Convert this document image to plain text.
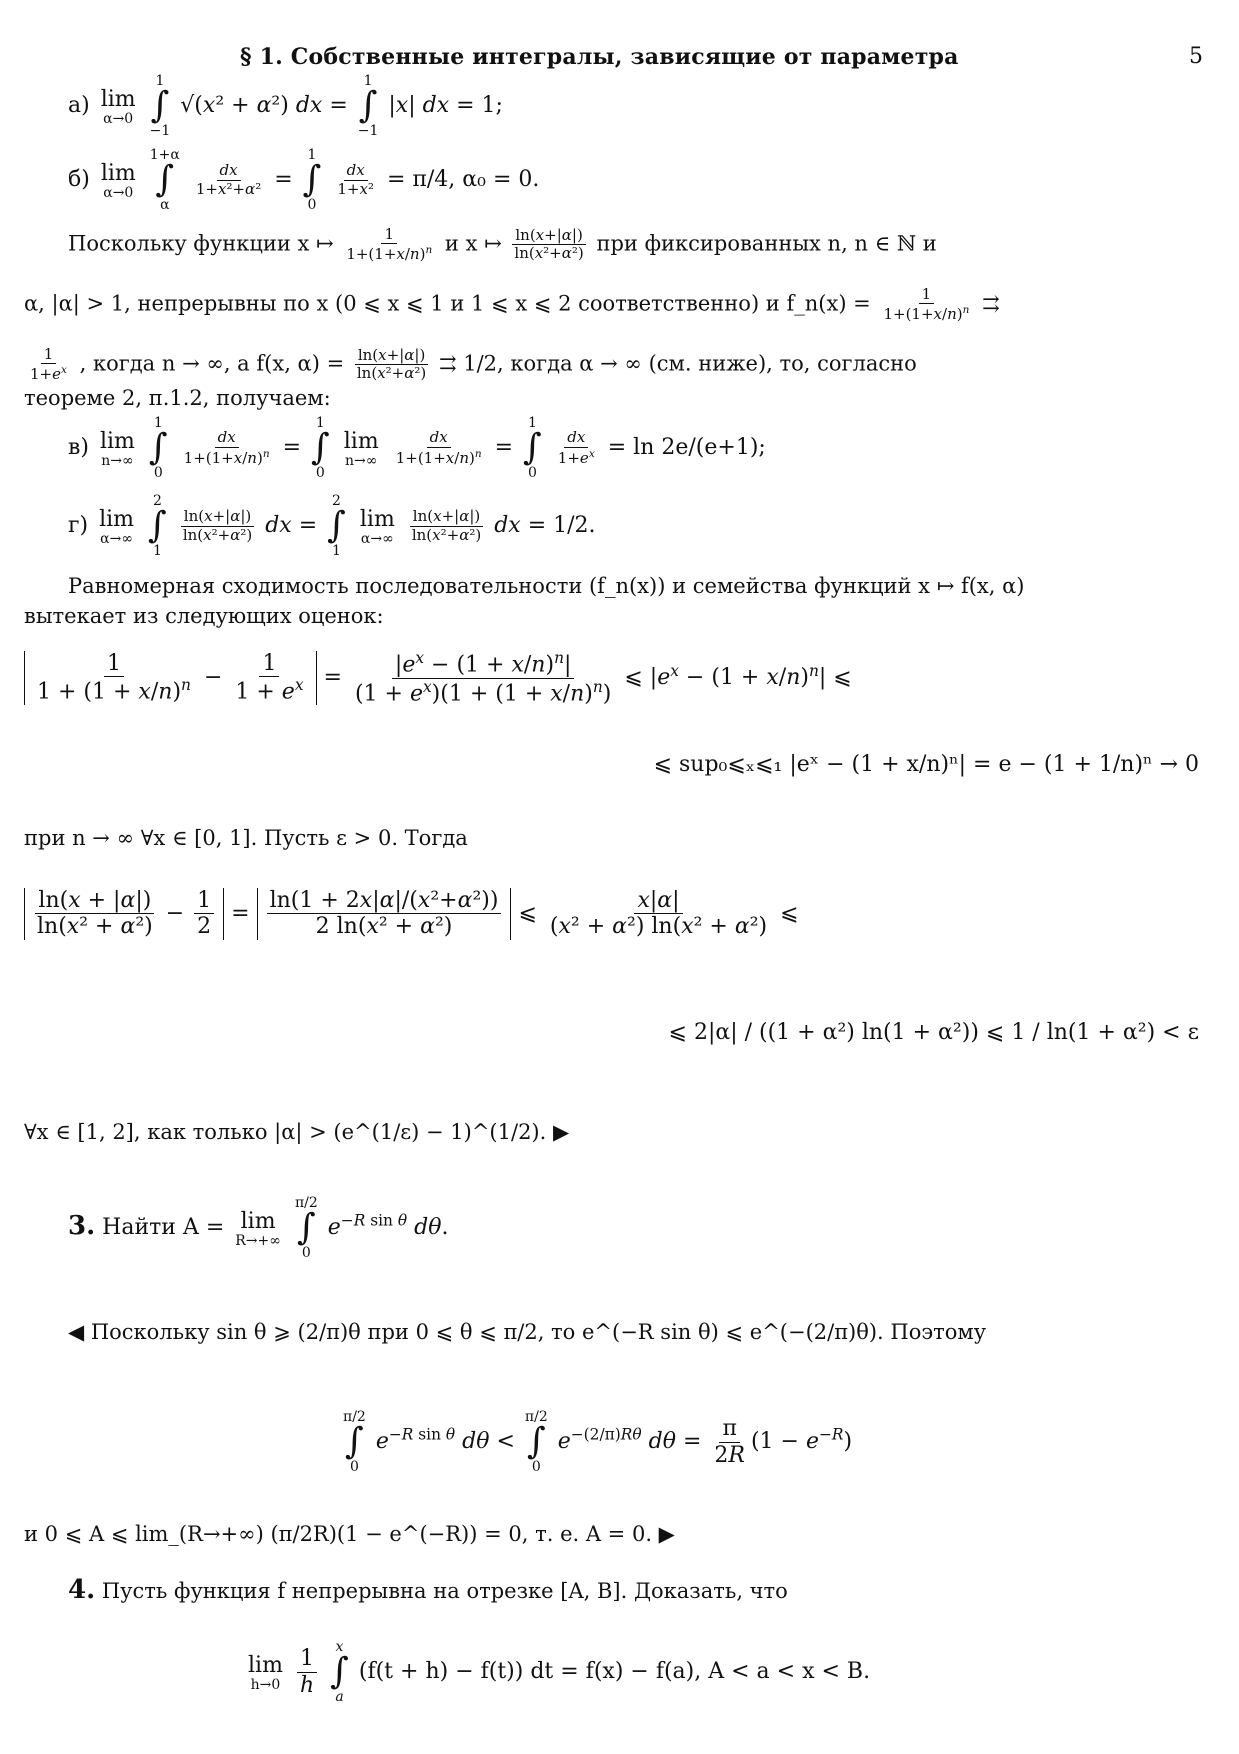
§ 1. Собственные интегралы, зависящие от параметра	5
а) lim
α→0

1
∫
−1
√(x² + α²) dx =
1
∫
−1
|x| dx = 1;
б) lim
α→0

1+α
∫
α

$\frac{dx}{\text{1+x²+α²}}$ =
1
∫
0

$\frac{dx}{\text{1+x²}} = \pi/4$, α₀ = 0.
Поскольку функции x ↦ $\frac{1}{1+(1+x/n)^n}$ и x ↦ $\frac{\ln(x+|\alpha|)}{\text{ln(x²+α²)}}$ при фиксированных n, n ∈ ℕ и
α, |α| > 1, непрерывны по x (0 ⩽ x ⩽ 1 и 1 ⩽ x ⩽ 2 соответственно) и f_n(x) = $\frac{1}{1+(1+x/n)^n}$ ⇉
$\frac{1}{1+e^x}$ , когда n → ∞, а f(x, $\alpha) = \frac{\ln(x+|\alpha|)}{\text{ln(x²+α²)}}$ ⇉ 1/2, когда α → ∞ (см. ниже), то, согласно
теореме 2, п.1.2, получаем:
в) lim
n→∞

1
∫
0

$\frac{dx}{1+(1+x/n)^n}$ =
1
∫
0

lim
n→∞
$\frac{dx}{1+(1+x/n)^n}$ =
1
∫
0

$\frac{dx}{1+e^x} = \ln 2e/(e+1)$;
г) lim
α→∞

2
∫
1

$\frac{\ln(x+|\alpha|)}{\text{ln(x²+α²)}}$ dx =
2
∫
1

lim
α→∞
$\frac{\ln(x+|\alpha|)}{\text{ln(x²+α²)}}$ dx = 1/2.
Равномерная сходимость последовательности (f_n(x)) и семейства функций x ↦ f(x, α)
вытекает из следующих оценок:
$\frac{1}{1 + (1 + x/n)^n} - \frac{1}{1 + e^x} = \frac{|e^x - (1 + x/n)^n|}{(1 + e^x)(1 + (1 + x/n)^n)}$ ⩽ $|e^x - (1 + x/n)^n|$ ⩽
⩽ sup₀⩽ₓ⩽₁ |eˣ − (1 + x/n)ⁿ| = e − (1 + 1/n)ⁿ → 0
при n → ∞ ∀x ∈ [0, 1]. Пусть ε > 0. Тогда
$\frac{\ln(x + |\alpha|)}{\text{ln(x² + α²)}} - \frac{1}{2} = \frac{\text{ln(1 + 2x|α|/(x²+α²))}}{\text{2 ln(x² + α²)}}$ ⩽ $\frac{x|\alpha|}{\text{(x² + α²) ln(x² + α²)}}$ ⩽
⩽ 2|α| / ((1 + α²) ln(1 + α²)) ⩽ 1 / ln(1 + α²) < ε
∀x ∈ [1, 2], как только |α| > (e^(1/ε) − 1)^(1/2). ▶
3. Найти A = lim
R→+∞

π/2
∫
0
$e^{-R sin \theta}$ dθ.
◀ Поскольку sin θ ⩾ (2/π)θ при 0 ⩽ θ ⩽ π/2, то e^(−R sin θ) ⩽ e^(−(2/π)θ). Поэтому
π/2
∫
0
$e^{-R sin \theta}$ dθ <
π/2
∫
0
$e^{-(2/\pi)R\theta}$ $d\theta = \frac{\pi}{2R} (1 - e^{-R})$
и 0 ⩽ A ⩽ lim_(R→+∞) (π/2R)(1 − e^(−R)) = 0, т. е. A = 0. ▶
4. Пусть функция f непрерывна на отрезке [A, B]. Доказать, что
lim
h→0
$\frac{1}{h}$
x
∫
a
(f(t + h) − f(t)) dt = f(x) − f(a), A < a < x < B.
